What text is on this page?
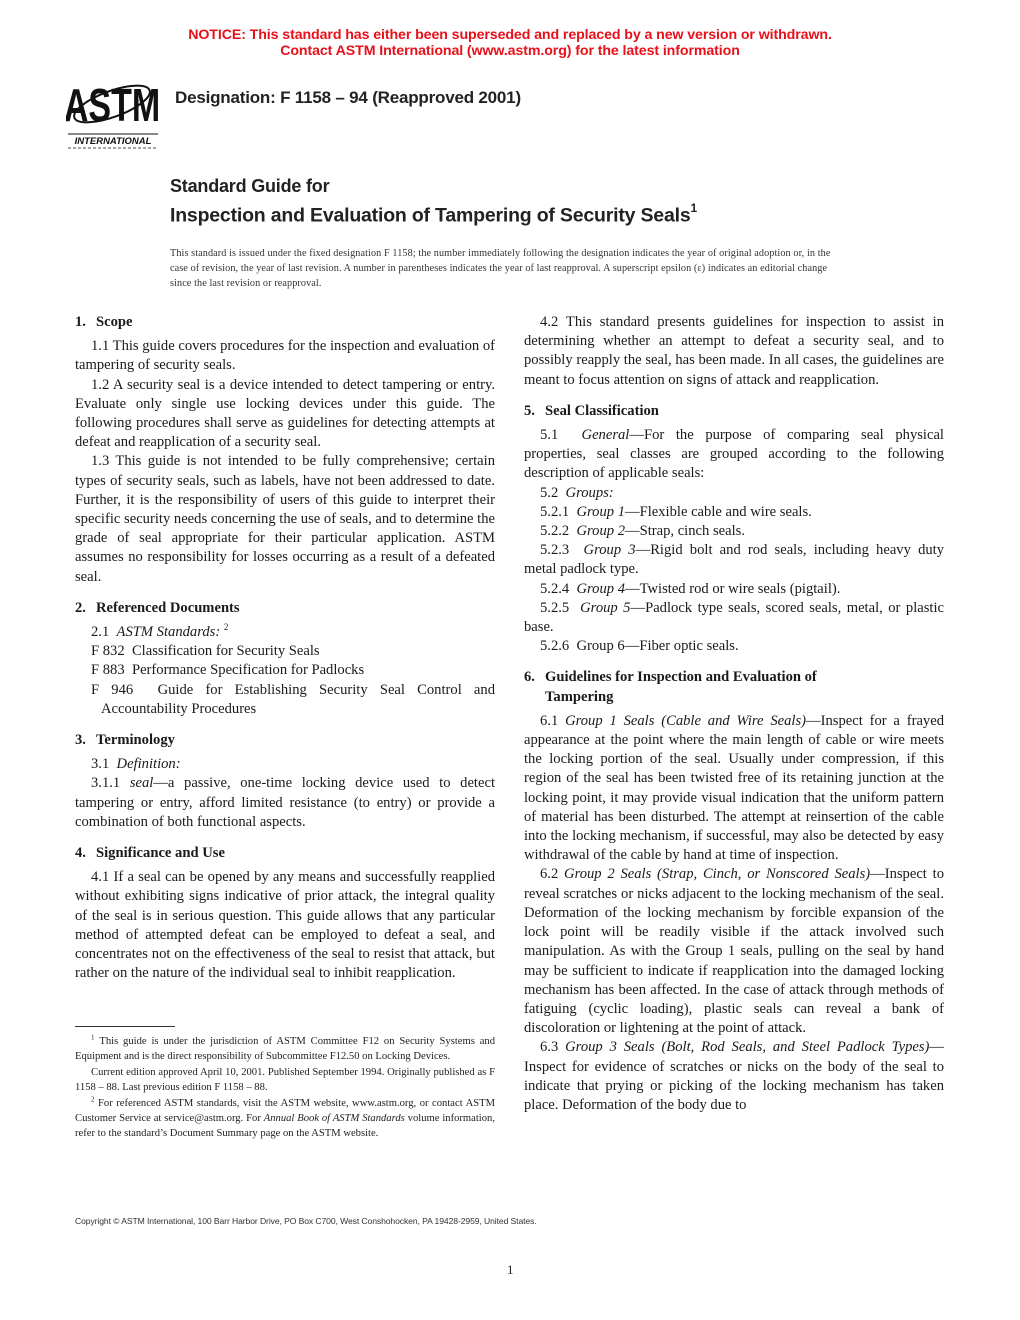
NOTICE: This standard has either been superseded and replaced by a new version or withdrawn.
Contact ASTM International (www.astm.org) for the latest information
ASTM
INTERNATIONAL
Designation: F 1158 – 94 (Reapproved 2001)
Standard Guide for
Inspection and Evaluation of Tampering of Security Seals$^1$
This standard is issued under the fixed designation F 1158; the number immediately following the designation indicates the year of original adoption or, in the case of revision, the year of last revision. A number in parentheses indicates the year of last reapproval. A superscript epsilon (ε) indicates an editorial change since the last revision or reapproval.
1. Scope
1.1 This guide covers procedures for the inspection and evaluation of tampering of security seals.
1.2 A security seal is a device intended to detect tampering or entry. Evaluate only single use locking devices under this guide. The following procedures shall serve as guidelines for detecting attempts at defeat and reapplication of a security seal.
1.3 This guide is not intended to be fully comprehensive; certain types of security seals, such as labels, have not been addressed to date. Further, it is the responsibility of users of this guide to interpret their specific security needs concerning the use of seals, and to determine the grade of seal appropriate for their particular application. ASTM assumes no responsibility for losses occurring as a result of a defeated seal.
2. Referenced Documents
2.1 ASTM Standards: $^2$
F 832 Classification for Security Seals
F 883 Performance Specification for Padlocks
F 946 Guide for Establishing Security Seal Control and Accountability Procedures
3. Terminology
3.1 Definition:
3.1.1 seal—a passive, one-time locking device used to detect tampering or entry, afford limited resistance (to entry) or provide a combination of both functional aspects.
4. Significance and Use
4.1 If a seal can be opened by any means and successfully reapplied without exhibiting signs indicative of prior attack, the integral quality of the seal is in serious question. This guide allows that any particular method of attempted defeat can be employed to defeat a seal, and concentrates not on the effectiveness of the seal to resist that attack, but rather on the nature of the individual seal to inhibit reapplication.
$^1$ This guide is under the jurisdiction of ASTM Committee F12 on Security Systems and Equipment and is the direct responsibility of Subcommittee F12.50 on Locking Devices.
Current edition approved April 10, 2001. Published September 1994. Originally published as F 1158 – 88. Last previous edition F 1158 – 88.
$^2$ For referenced ASTM standards, visit the ASTM website, www.astm.org, or contact ASTM Customer Service at service@astm.org. For Annual Book of ASTM Standards volume information, refer to the standard’s Document Summary page on the ASTM website.
4.2 This standard presents guidelines for inspection to assist in determining whether an attempt to defeat a security seal, and to possibly reapply the seal, has been made. In all cases, the guidelines are meant to focus attention on signs of attack and reapplication.
5. Seal Classification
5.1 General—For the purpose of comparing seal physical properties, seal classes are grouped according to the following description of applicable seals:
5.2 Groups:
5.2.1 Group 1—Flexible cable and wire seals.
5.2.2 Group 2—Strap, cinch seals.
5.2.3 Group 3—Rigid bolt and rod seals, including heavy duty metal padlock type.
5.2.4 Group 4—Twisted rod or wire seals (pigtail).
5.2.5 Group 5—Padlock type seals, scored seals, metal, or plastic base.
5.2.6 Group 6—Fiber optic seals.
6. Guidelines for Inspection and Evaluation of
Tampering
6.1 Group 1 Seals (Cable and Wire Seals)—Inspect for a frayed appearance at the point where the main length of cable or wire meets the locking portion of the seal. Usually under compression, if this region of the seal has been twisted free of its retaining junction at the locking point, it may provide visual indication that the uniform pattern of material has been disturbed. The attempt at reinsertion of the cable into the locking mechanism, if successful, may also be detected by easy withdrawal of the cable by hand at time of inspection.
6.2 Group 2 Seals (Strap, Cinch, or Nonscored Seals)—Inspect to reveal scratches or nicks adjacent to the locking mechanism of the seal. Deformation of the locking mechanism by forcible expansion of the lock point will be readily visible if the attack involved such manipulation. As with the Group 1 seals, pulling on the seal by hand may be sufficient to indicate if reapplication into the damaged locking mechanism has been affected. In the case of attack through methods of fatiguing (cyclic loading), plastic seals can reveal a bank of discoloration or lightening at the point of attack.
6.3 Group 3 Seals (Bolt, Rod Seals, and Steel Padlock Types)—Inspect for evidence of scratches or nicks on the body of the seal to indicate that prying or picking of the locking mechanism has taken place. Deformation of the body due to
Copyright © ASTM International, 100 Barr Harbor Drive, PO Box C700, West Conshohocken, PA 19428-2959, United States.
1
